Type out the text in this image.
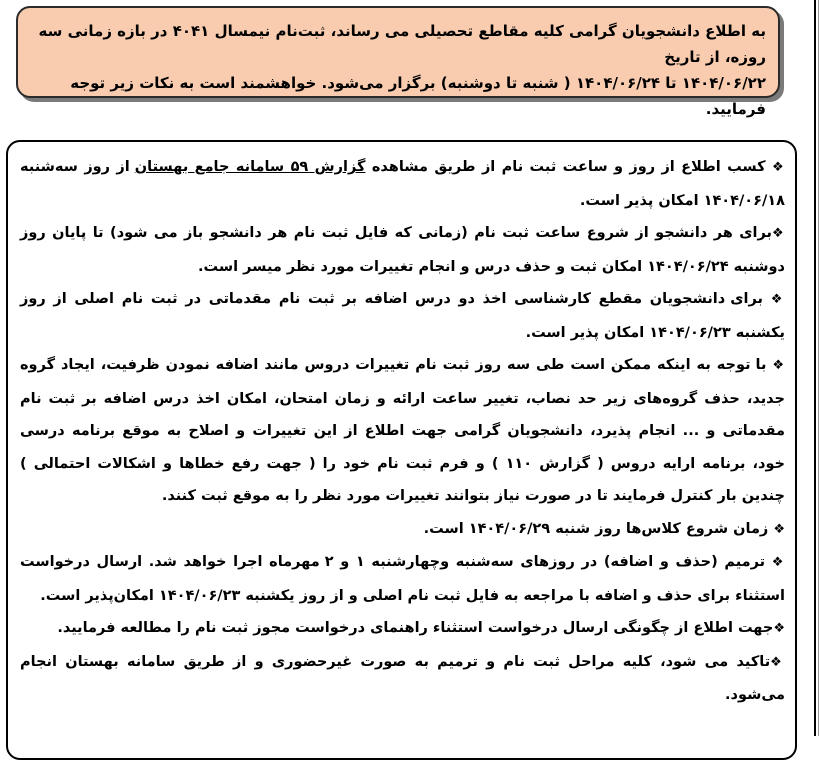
به اطلاع دانشجویان گرامی کلیه مقاطع تحصیلی می رساند، ثبت‌نام نیمسال ۴۰۴۱ در بازه زمانی سه روزه، از تاریخ

۱۴۰۴/۰۶/۲۲ تا ۱۴۰۴/۰۶/۲۴ ( شنبه تا دوشنبه) برگزار می‌شود. خواهشمند است به نکات زیر توجه فرمایید.

❖ کسب اطلاع از روز و ساعت ثبت نام از طریق مشاهده گزارش ۵۹ سامانه جامع بهستان از روز سه‌شنبه ۱۴۰۴/۰۶/۱۸ امکان پذیر است.

❖برای هر دانشجو از شروع ساعت ثبت نام (زمانی که فایل ثبت نام هر دانشجو باز می شود) تا پایان روز دوشنبه ۱۴۰۴/۰۶/۲۴ امکان ثبت و حذف درس و انجام تغییرات مورد نظر میسر است.

❖ برای دانشجویان مقطع کارشناسی اخذ دو درس اضافه بر ثبت نام مقدماتی در ثبت نام اصلی از روز یکشنبه ۱۴۰۴/۰۶/۲۳ امکان پذیر است.

❖ با توجه به اینکه ممکن است طی سه روز ثبت نام تغییرات دروس مانند اضافه نمودن ظرفیت، ایجاد گروه جدید، حذف گروه‌های زیر حد نصاب، تغییر ساعت ارائه و زمان امتحان، امکان اخذ درس اضافه بر ثبت نام مقدماتی و ... انجام پذیرد، دانشجویان گرامی جهت اطلاع از این تغییرات و اصلاح به موقع برنامه درسی خود، برنامه ارایه دروس ( گزارش ۱۱۰ ) و فرم ثبت نام خود را ( جهت رفع خطاها و اشکالات احتمالی ) چندین بار کنترل فرمایند تا در صورت نیاز بتوانند تغییرات مورد نظر را به موقع ثبت کنند.

❖ زمان شروع کلاس‌ها روز شنبه ۱۴۰۴/۰۶/۲۹ است.

❖ ترمیم (حذف و اضافه) در روزهای سه‌شنبه وچهارشنبه ۱ و ۲ مهرماه اجرا خواهد شد. ارسال درخواست استثناء برای حذف و اضافه با مراجعه به فایل ثبت نام اصلی و از روز یکشنبه ۱۴۰۴/۰۶/۲۳ امکان‌پذیر است.

❖جهت اطلاع از چگونگی ارسال درخواست استثناء راهنمای درخواست مجوز ثبت نام را مطالعه فرمایید.

❖تاکید می شود، کلیه مراحل ثبت نام و ترمیم به صورت غیرحضوری و از طریق سامانه بهستان انجام می‌شود.
